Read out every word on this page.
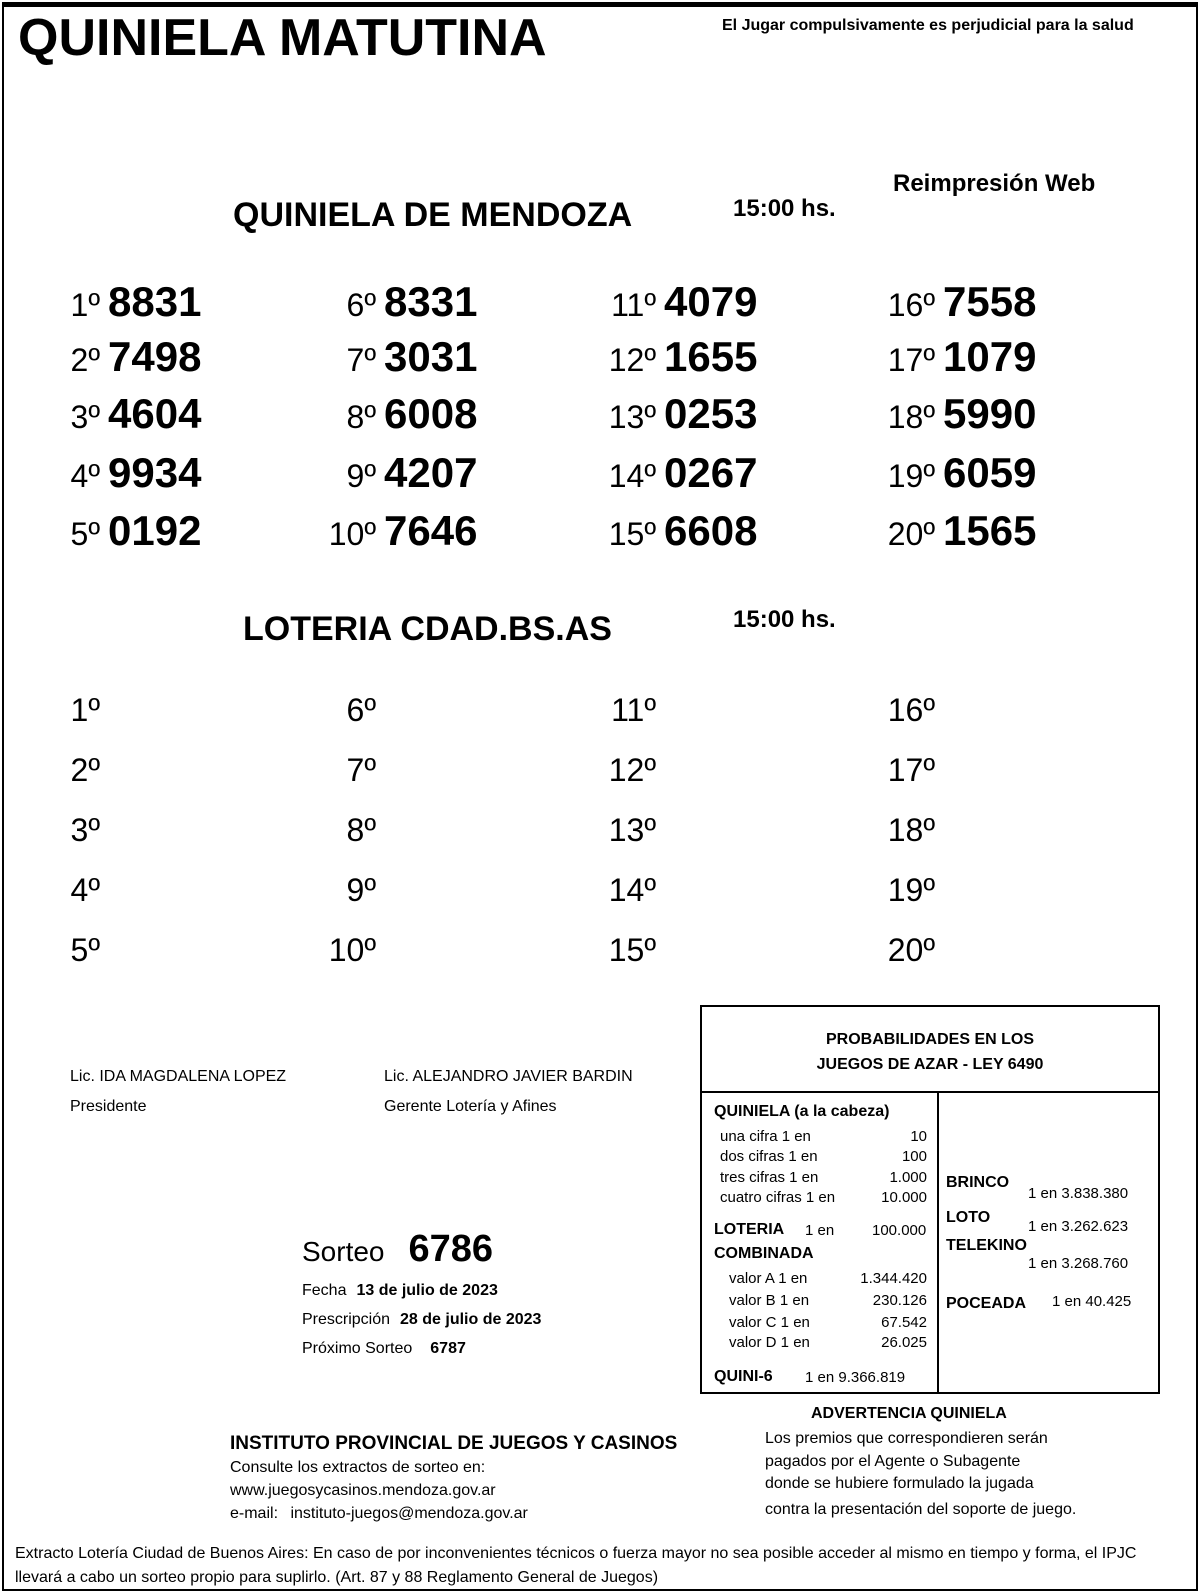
QUINIELA MATUTINA	El Jugar compulsivamente es perjudicial para la salud
Reimpresión Web
QUINIELA DE MENDOZA	15:00 hs.
1º 8831
2º 7498
3º 4604
4º 9934
5º 0192
6º 8331
7º 3031
8º 6008
9º 4207
10º 7646
11º 4079
12º 1655
13º 0253
14º 0267
15º 6608
16º 7558
17º 1079
18º 5990
19º 6059
20º 1565
LOTERIA CDAD.BS.AS	15:00 hs.
1º
2º
3º
4º
5º
6º
7º
8º
9º
10º
11º
12º
13º
14º
15º
16º
17º
18º
19º
20º
Lic. IDA MAGDALENA LOPEZ
Presidente
Lic. ALEJANDRO JAVIER BARDIN
Gerente Lotería y Afines
Sorteo 6786
Fecha 13 de julio de 2023
Prescripción 28 de julio de 2023
Próximo Sorteo 6787
PROBABILIDADES EN LOS
JUEGOS DE AZAR - LEY 6490
QUINIELA (a la cabeza)
una cifra 1 en	10
dos cifras 1 en	100
tres cifras 1 en	1.000
cuatro cifras 1 en	10.000
LOTERIA 1 en	100.000
COMBINADA
valor A 1 en	1.344.420
valor B 1 en	230.126
valor C 1 en	67.542
valor D 1 en	26.025
QUINI-6 1 en 9.366.819
BRINCO
1 en 3.838.380
LOTO
1 en 3.262.623
TELEKINO
1 en 3.268.760
POCEADA 1 en 40.425
ADVERTENCIA QUINIELA
Los premios que correspondieren serán
pagados por el Agente o Subagente
donde se hubiere formulado la jugada
contra la presentación del soporte de juego.
INSTITUTO PROVINCIAL DE JUEGOS Y CASINOS
Consulte los extractos de sorteo en:
www.juegosycasinos.mendoza.gov.ar
e-mail: instituto-juegos@mendoza.gov.ar
Extracto Lotería Ciudad de Buenos Aires: En caso de por inconvenientes técnicos o fuerza mayor no sea posible acceder al mismo en tiempo y forma, el IPJC llevará a cabo un sorteo propio para suplirlo. (Art. 87 y 88 Reglamento General de Juegos)
